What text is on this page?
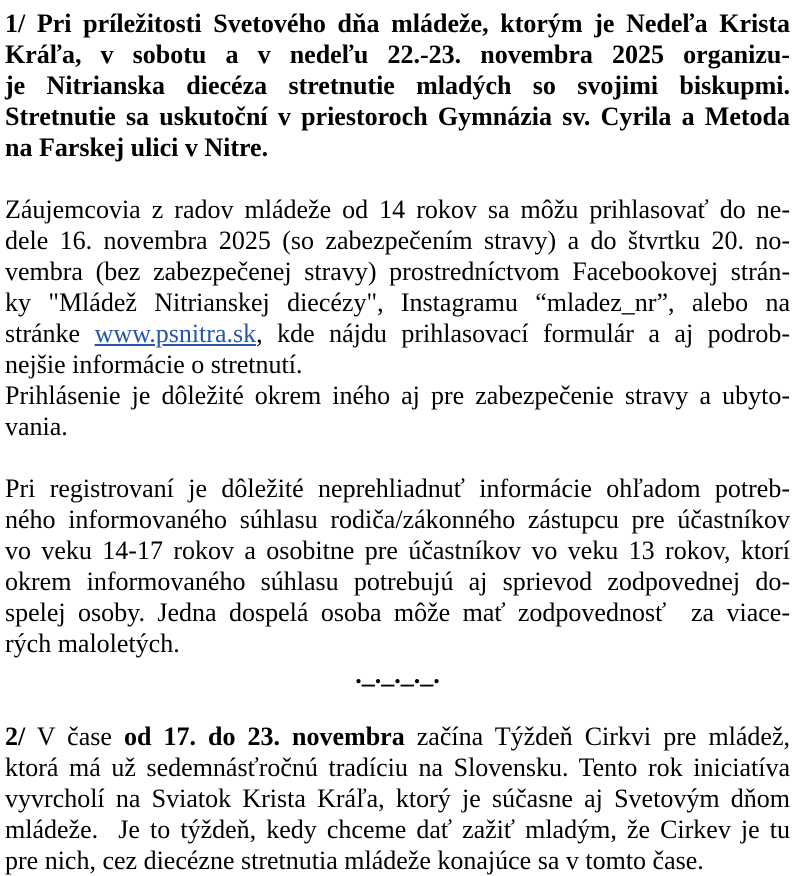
1/ Pri príležitosti Svetového dňa mládeže, ktorým je Nedeľa Krista
Kráľa, v sobotu a v nedeľu 22.-23. novembra 2025 organizu-
je Nitrianska diecéza stretnutie mladých so svojimi biskupmi.
Stretnutie sa uskutoční v priestoroch Gymnázia sv. Cyrila a Metoda
na Farskej ulici v Nitre.
Záujemcovia z radov mládeže od 14 rokov sa môžu prihlasovať do ne-
dele 16. novembra 2025 (so zabezpečením stravy) a do štvrtku 20. no-
vembra (bez zabezpečenej stravy) prostredníctvom Facebookovej strán-
ky "Mládež Nitrianskej diecézy", Instagramu “mladez_nr”, alebo na
stránke www.psnitra.sk, kde nájdu prihlasovací formulár a aj podrob-
nejšie informácie o stretnutí.
Prihlásenie je dôležité okrem iného aj pre zabezpečenie stravy a ubyto-
vania.
Pri registrovaní je dôležité neprehliadnuť informácie ohľadom potreb-
ného informovaného súhlasu rodiča/zákonného zástupcu pre účastníkov
vo veku 14-17 rokov a osobitne pre účastníkov vo veku 13 rokov, ktorí
okrem informovaného súhlasu potrebujú aj sprievod zodpovednej do-
spelej osoby. Jedna dospelá osoba môže mať zodpovednosť  za viace-
rých maloletých.
._._._._.
2/ V čase od 17. do 23. novembra začína Týždeň Cirkvi pre mládež,
ktorá má už sedemnásťročnú tradíciu na Slovensku. Tento rok iniciatíva
vyvrcholí na Sviatok Krista Kráľa, ktorý je súčasne aj Svetovým dňom
mládeže.  Je to týždeň, kedy chceme dať zažiť mladým, že Cirkev je tu
pre nich, cez diecézne stretnutia mládeže konajúce sa v tomto čase.
